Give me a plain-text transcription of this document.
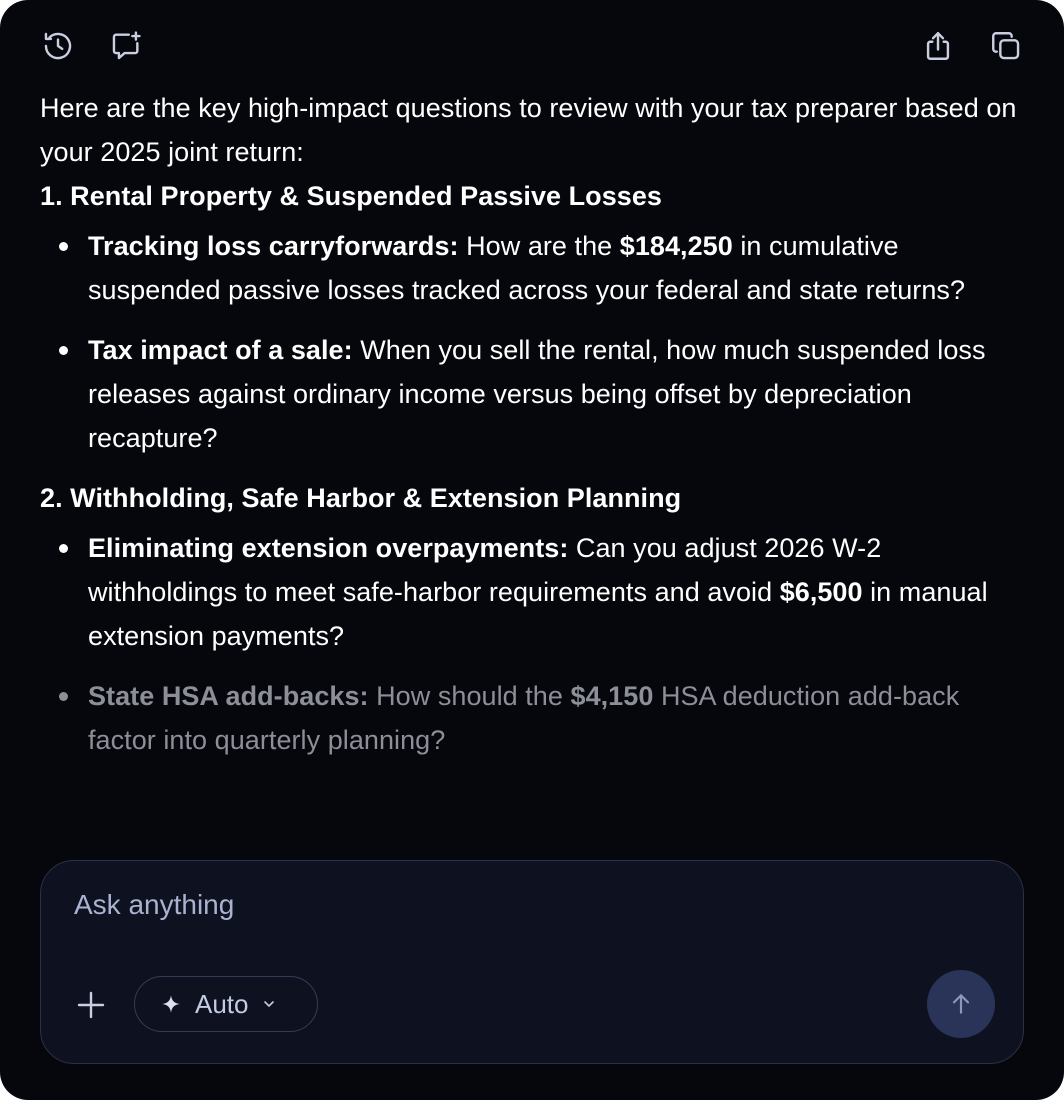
Here are the key high-impact questions to review with your tax preparer based on your 2025 joint return:

1. Rental Property & Suspended Passive Losses

Tracking loss carryforwards: How are the $184,250 in cumulative suspended passive losses tracked across your federal and state returns?
Tax impact of a sale: When you sell the rental, how much suspended loss releases against ordinary income versus being offset by depreciation recapture?

2. Withholding, Safe Harbor & Extension Planning

Eliminating extension overpayments: Can you adjust 2026 W-2 withholdings to meet safe-harbor requirements and avoid $6,500 in manual extension payments?
State HSA add-backs: How should the $4,150 HSA deduction add-back factor into quarterly planning?
Ask anything
Auto
